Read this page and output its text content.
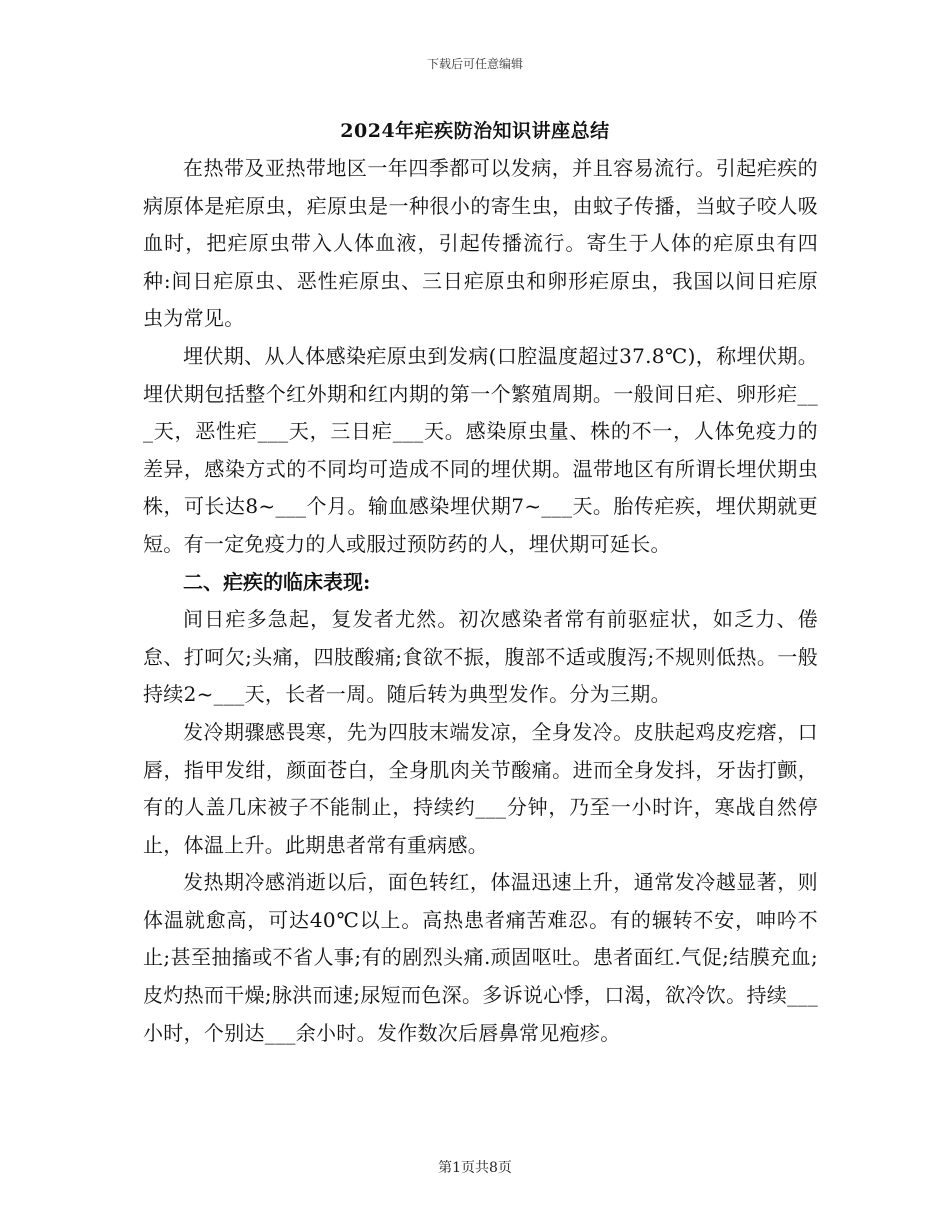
下载后可任意编辑
2024年疟疾防治知识讲座总结

在热带及亚热带地区一年四季都可以发病，并且容易流行。引起疟疾的病原体是疟原虫，疟原虫是一种很小的寄生虫，由蚊子传播，当蚊子咬人吸血时，把疟原虫带入人体血液，引起传播流行。寄生于人体的疟原虫有四种:间日疟原虫、恶性疟原虫、三日疟原虫和卵形疟原虫，我国以间日疟原虫为常见。

埋伏期、从人体感染疟原虫到发病(口腔温度超过37.8℃)，称埋伏期。埋伏期包括整个红外期和红内期的第一个繁殖周期。一般间日疟、卵形疟___天，恶性疟___天，三日疟___天。感染原虫量、株的不一，人体免疫力的差异，感染方式的不同均可造成不同的埋伏期。温带地区有所谓长埋伏期虫株，可长达8~___个月。输血感染埋伏期7~___天。胎传疟疾，埋伏期就更短。有一定免疫力的人或服过预防药的人，埋伏期可延长。

二、疟疾的临床表现:

间日疟多急起，复发者尤然。初次感染者常有前驱症状，如乏力、倦怠、打呵欠;头痛，四肢酸痛;食欲不振，腹部不适或腹泻;不规则低热。一般持续2~___天，长者一周。随后转为典型发作。分为三期。

发冷期骤感畏寒，先为四肢末端发凉，全身发冷。皮肤起鸡皮疙瘩，口唇，指甲发绀，颜面苍白，全身肌肉关节酸痛。进而全身发抖，牙齿打颤，有的人盖几床被子不能制止，持续约___分钟，乃至一小时许，寒战自然停止，体温上升。此期患者常有重病感。

发热期冷感消逝以后，面色转红，体温迅速上升，通常发冷越显著，则体温就愈高，可达40℃以上。高热患者痛苦难忍。有的辗转不安，呻吟不止;甚至抽搐或不省人事;有的剧烈头痛.顽固呕吐。患者面红.气促;结膜充血;皮灼热而干燥;脉洪而速;尿短而色深。多诉说心悸，口渴，欲冷饮。持续___小时，个别达___余小时。发作数次后唇鼻常见疱疹。

第1页共8页
